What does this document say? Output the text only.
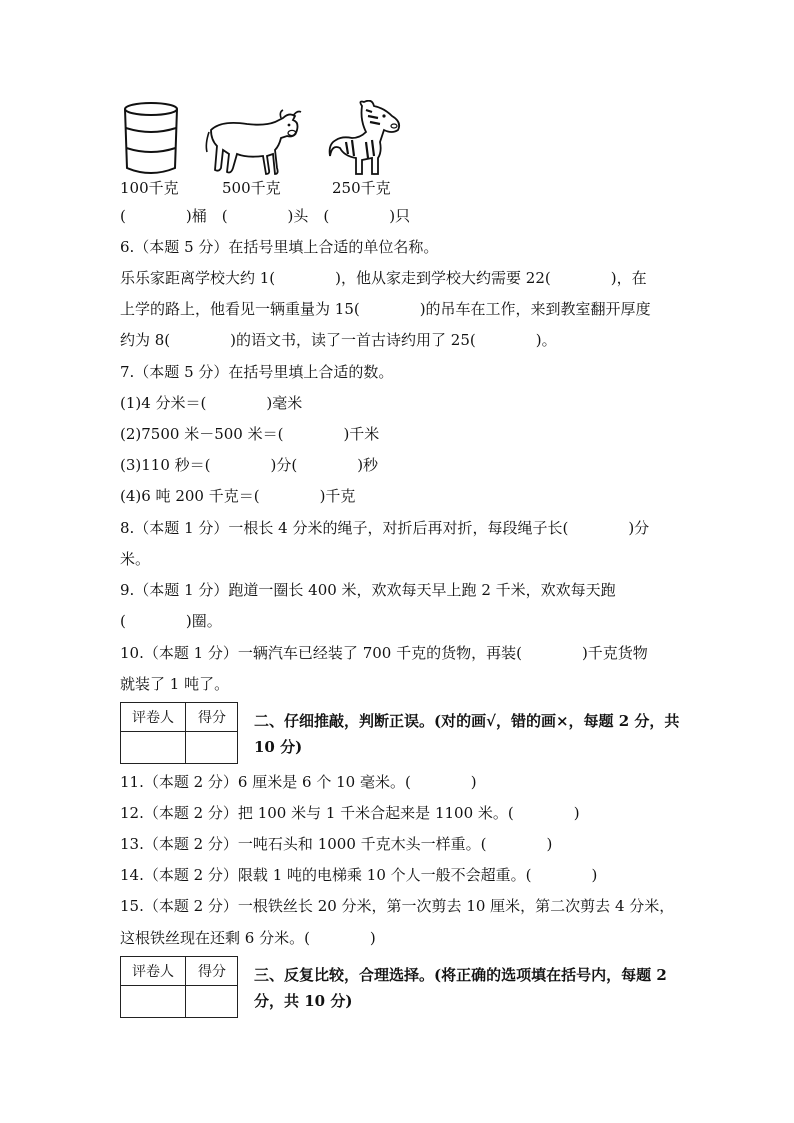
100千克	500千克	250千克
(　　　　)桶　(　　　　)头　(　　　　)只
6.（本题 5 分）在括号里填上合适的单位名称。
乐乐家距离学校大约 1(　　　　)，他从家走到学校大约需要 22(　　　　)，在
上学的路上，他看见一辆重量为 15(　　　　)的吊车在工作，来到教室翻开厚度
约为 8(　　　　)的语文书，读了一首古诗约用了 25(　　　　)。
7.（本题 5 分）在括号里填上合适的数。
(1)4 分米＝(　　　　)毫米
(2)7500 米－500 米＝(　　　　)千米
(3)110 秒＝(　　　　)分(　　　　)秒
(4)6 吨 200 千克＝(　　　　)千克
8.（本题 1 分）一根长 4 分米的绳子，对折后再对折，每段绳子长(　　　　)分
米。
9.（本题 1 分）跑道一圈长 400 米，欢欢每天早上跑 2 千米，欢欢每天跑
(　　　　)圈。
10.（本题 1 分）一辆汽车已经装了 700 千克的货物，再装(　　　　)千克货物
就装了 1 吨了。
评卷人	得分	二、仔细推敲，判断正误。(对的画√，错的画×，每题 2 分，共 10 分)
11.（本题 2 分）6 厘米是 6 个 10 毫米。(　　　　)
12.（本题 2 分）把 100 米与 1 千米合起来是 1100 米。(　　　　)
13.（本题 2 分）一吨石头和 1000 千克木头一样重。(　　　　)
14.（本题 2 分）限载 1 吨的电梯乘 10 个人一般不会超重。(　　　　)
15.（本题 2 分）一根铁丝长 20 分米，第一次剪去 10 厘米，第二次剪去 4 分米，
这根铁丝现在还剩 6 分米。(　　　　)
评卷人	得分	三、反复比较，合理选择。(将正确的选项填在括号内，每题 2 分，共 10 分)
